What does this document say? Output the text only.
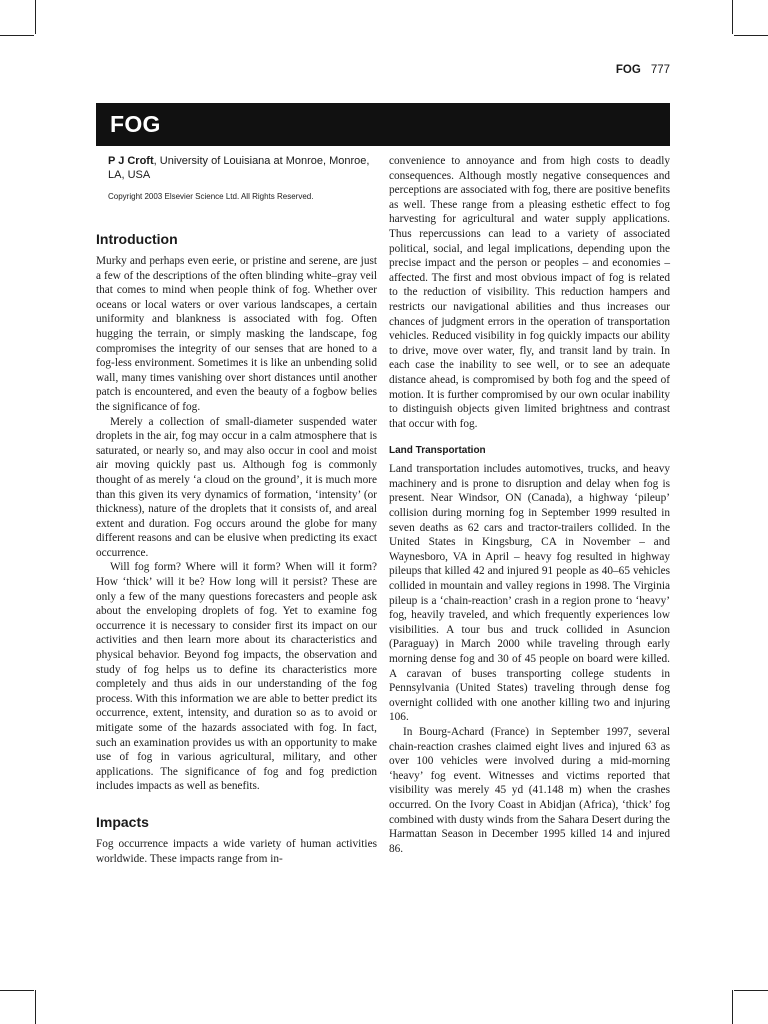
FOG 777
FOG
P J Croft, University of Louisiana at Monroe, Monroe, LA, USA
Copyright 2003 Elsevier Science Ltd. All Rights Reserved.
Introduction

Murky and perhaps even eerie, or pristine and serene, are just a few of the descriptions of the often blinding white–gray veil that comes to mind when people think of fog. Whether over oceans or local waters or over various landscapes, a certain uniformity and blankness is associated with fog. Often hugging the terrain, or simply masking the landscape, fog compromises the integrity of our senses that are honed to a fog-less environment. Sometimes it is like an unbending solid wall, many times vanishing over short distances until another patch is encountered, and even the beauty of a fogbow belies the significance of fog.

Merely a collection of small-diameter suspended water droplets in the air, fog may occur in a calm atmosphere that is saturated, or nearly so, and may also occur in cool and moist air moving quickly past us. Although fog is commonly thought of as merely ‘a cloud on the ground’, it is much more than this given its very dynamics of formation, ‘intensity’ (or thickness), nature of the droplets that it consists of, and areal extent and duration. Fog occurs around the globe for many different reasons and can be elusive when predicting its exact occurrence.

Will fog form? Where will it form? When will it form? How ‘thick’ will it be? How long will it persist? These are only a few of the many questions forecasters and people ask about the enveloping droplets of fog. Yet to examine fog occurrence it is necessary to consider first its impact on our activities and then learn more about its characteristics and physical behavior. Beyond fog impacts, the observation and study of fog helps us to define its characteristics more completely and thus aids in our understanding of the fog process. With this information we are able to better predict its occurrence, extent, intensity, and duration so as to avoid or mitigate some of the hazards associated with fog. In fact, such an examination provides us with an opportunity to make use of fog in various agricultural, military, and other applications. The significance of fog and fog prediction includes impacts as well as benefits.

Impacts

Fog occurrence impacts a wide variety of human activities worldwide. These impacts range from in-

convenience to annoyance and from high costs to deadly consequences. Although mostly negative consequences and perceptions are associated with fog, there are positive benefits as well. These range from a pleasing esthetic effect to fog harvesting for agricultural and water supply applications. Thus repercussions can lead to a variety of associated political, social, and legal implications, depending upon the precise impact and the person or peoples – and economies – affected. The first and most obvious impact of fog is related to the reduction of visibility. This reduction hampers and restricts our navigational abilities and thus increases our chances of judgment errors in the operation of transportation vehicles. Reduced visibility in fog quickly impacts our ability to drive, move over water, fly, and transit land by train. In each case the inability to see well, or to see an adequate distance ahead, is compromised by both fog and the speed of motion. It is further compromised by our own ocular inability to distinguish objects given limited brightness and contrast that occur with fog.

Land Transportation

Land transportation includes automotives, trucks, and heavy machinery and is prone to disruption and delay when fog is present. Near Windsor, ON (Canada), a highway ‘pileup’ collision during morning fog in September 1999 resulted in seven deaths as 62 cars and tractor-trailers collided. In the United States in Kingsburg, CA in November – and Waynesboro, VA in April – heavy fog resulted in highway pileups that killed 42 and injured 91 people as 40–65 vehicles collided in mountain and valley regions in 1998. The Virginia pileup is a ‘chain-reaction’ crash in a region prone to ‘heavy’ fog, heavily traveled, and which frequently experiences low visibilities. A tour bus and truck collided in Asuncion (Paraguay) in March 2000 while traveling through early morning dense fog and 30 of 45 people on board were killed. A caravan of buses transporting college students in Pennsylvania (United States) traveling through dense fog overnight collided with one another killing two and injuring 106.

In Bourg-Achard (France) in September 1997, several chain-reaction crashes claimed eight lives and injured 63 as over 100 vehicles were involved during a mid-morning ‘heavy’ fog event. Witnesses and victims reported that visibility was merely 45 yd (41.148 m) when the crashes occurred. On the Ivory Coast in Abidjan (Africa), ‘thick’ fog combined with dusty winds from the Sahara Desert during the Harmattan Season in December 1995 killed 14 and injured 86.
